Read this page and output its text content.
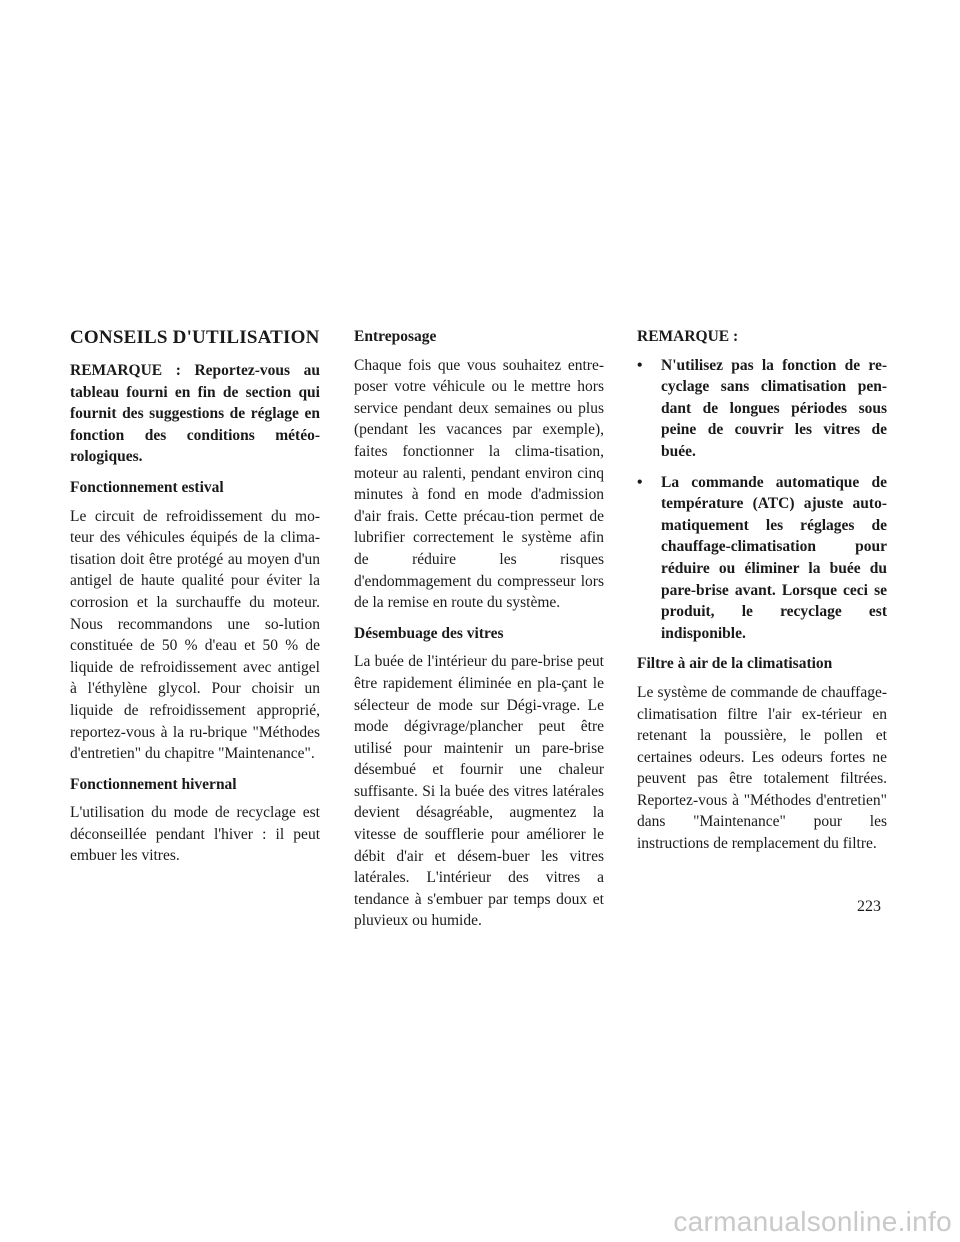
CONSEILS D'UTILISATION
REMARQUE : Reportez-vous au tableau fourni en fin de section qui fournit des suggestions de réglage en fonction des conditions météo-rologiques.
Fonctionnement estival

Le circuit de refroidissement du mo-teur des véhicules équipés de la clima-tisation doit être protégé au moyen d'un antigel de haute qualité pour éviter la corrosion et la surchauffe du moteur. Nous recommandons une so-lution constituée de 50 % d'eau et 50 % de liquide de refroidissement avec antigel à l'éthylène glycol. Pour choisir un liquide de refroidissement approprié, reportez-vous à la ru-brique "Méthodes d'entretien" du chapitre "Maintenance".

Fonctionnement hivernal

L'utilisation du mode de recyclage est déconseillée pendant l'hiver : il peut embuer les vitres.

Entreposage

Chaque fois que vous souhaitez entre-poser votre véhicule ou le mettre hors service pendant deux semaines ou plus (pendant les vacances par exemple), faites fonctionner la clima-tisation, moteur au ralenti, pendant environ cinq minutes à fond en mode d'admission d'air frais. Cette précau-tion permet de lubrifier correctement le système afin de réduire les risques d'endommagement du compresseur lors de la remise en route du système.

Désembuage des vitres

La buée de l'intérieur du pare-brise peut être rapidement éliminée en pla-çant le sélecteur de mode sur Dégi-vrage. Le mode dégivrage/plancher peut être utilisé pour maintenir un pare-brise désembué et fournir une chaleur suffisante. Si la buée des vitres latérales devient désagréable, augmentez la vitesse de soufflerie pour améliorer le débit d'air et désem-buer les vitres latérales. L'intérieur des vitres a tendance à s'embuer par temps doux et pluvieux ou humide.

REMARQUE :
• N'utilisez pas la fonction de re-cyclage sans climatisation pen-dant de longues périodes sous peine de couvrir les vitres de buée.
• La commande automatique de température (ATC) ajuste auto-matiquement les réglages de chauffage-climatisation pour réduire ou éliminer la buée du pare-brise avant. Lorsque ceci se produit, le recyclage est indisponible.
Filtre à air de la climatisation

Le système de commande de chauffage-climatisation filtre l'air ex-térieur en retenant la poussière, le pollen et certaines odeurs. Les odeurs fortes ne peuvent pas être totalement filtrées. Reportez-vous à "Méthodes d'entretien" dans "Maintenance" pour les instructions de remplacement du filtre.

223
carmanualsonline.info
